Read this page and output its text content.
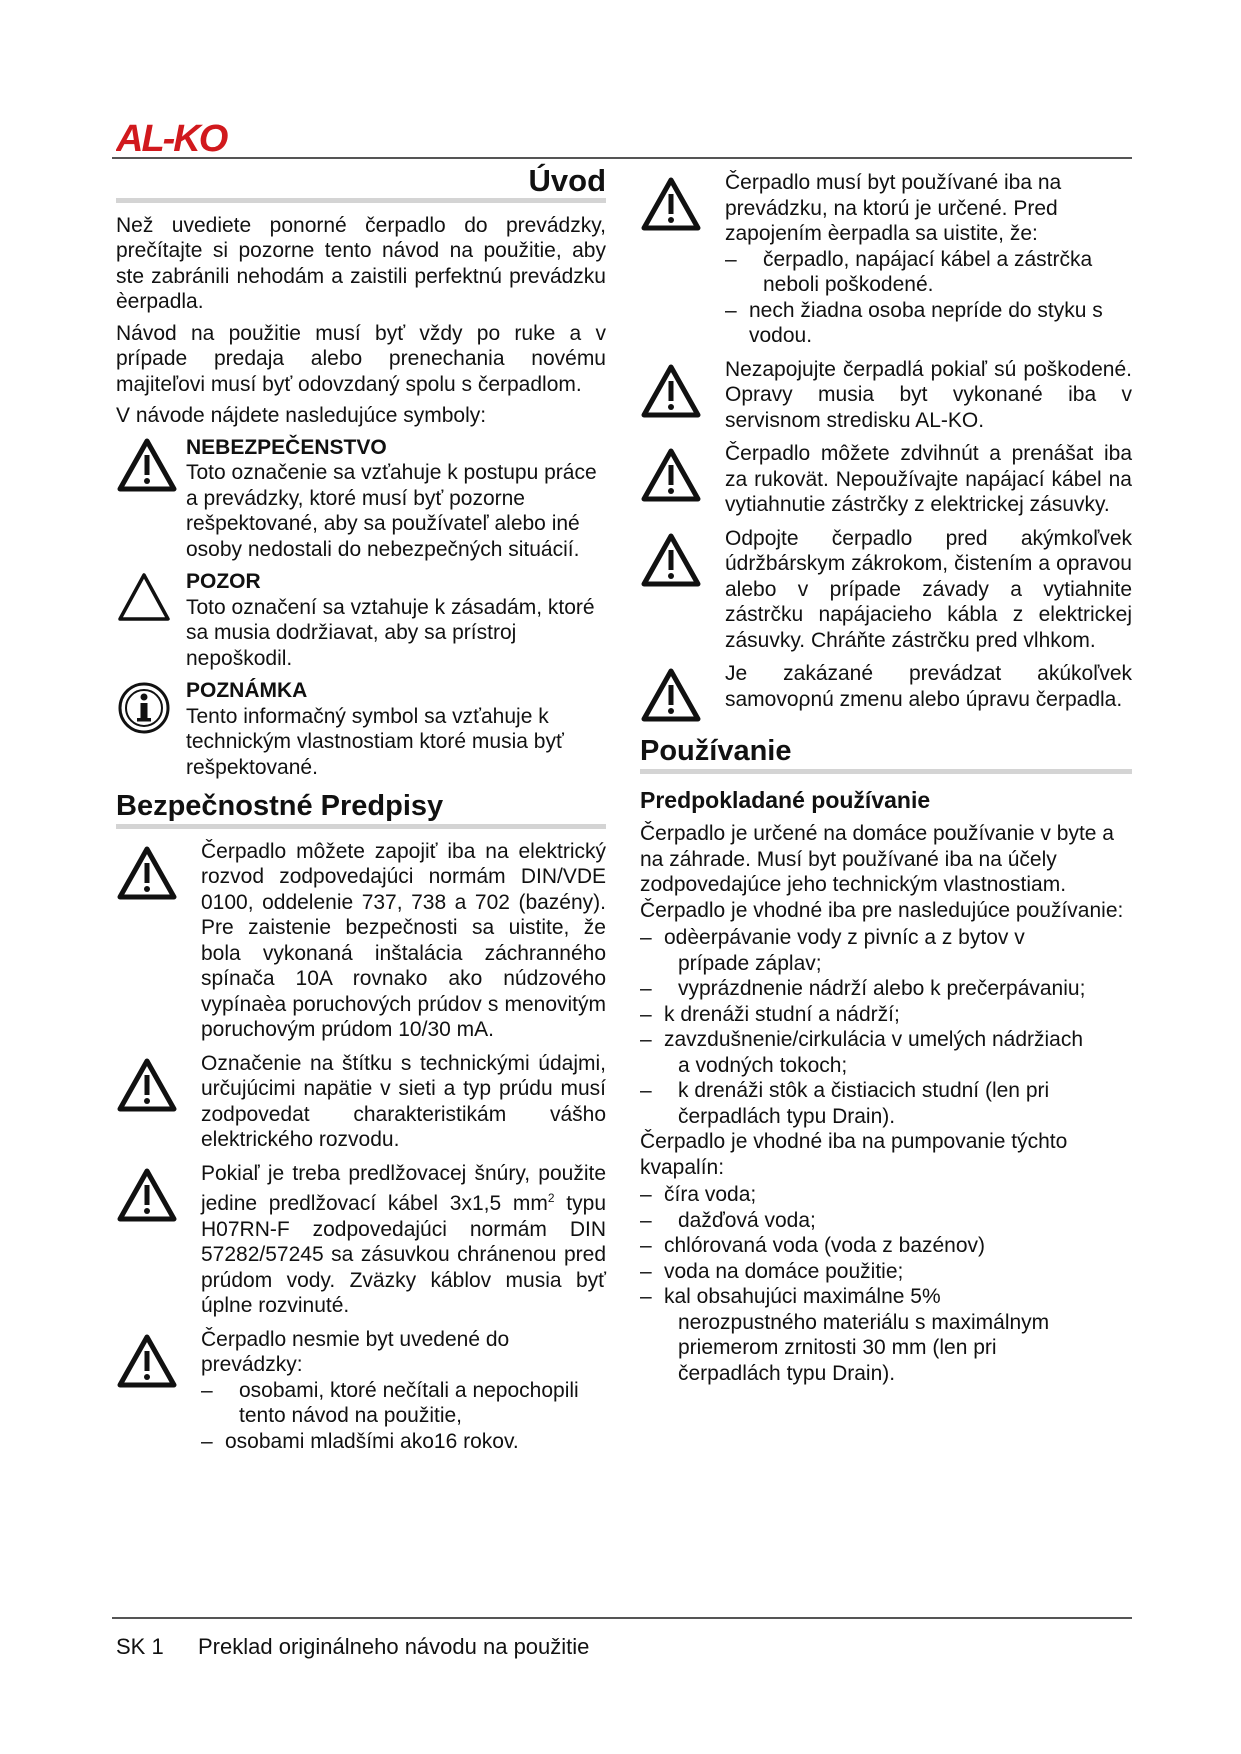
AL-KO
Úvod

Než uvediete ponorné čerpadlo do prevádzky, prečítajte si pozorne tento návod na použitie, aby ste zabránili nehodám a zaistili perfektnú prevádzku èerpadla.

Návod na použitie musí byť vždy po ruke a v prípade predaja alebo prenechania novému majiteľovi musí byť odovzdaný spolu s čerpadlom.

V návode nájdete nasledujúce symboly:

NEBEZPEČENSTVO
Toto označenie sa vzťahuje k postupu práce a prevádzky, ktoré musí byť pozorne rešpektované, aby sa používateľ alebo iné osoby nedostali do nebezpečných situácií.
POZOR
Toto označení sa vztahuje k zásadám, ktoré sa musia dodržiavat, aby sa prístroj nepoškodil.
POZNÁMKA
Tento informačný symbol sa vzťahuje k technickým vlastnostiam ktoré musia byť rešpektované.
Bezpečnostné Predpisy
Čerpadlo môžete zapojiť iba na elektrický rozvod zodpovedajúci normám DIN/VDE 0100, oddelenie 737, 738 a 702 (bazény). Pre zaistenie bezpečnosti sa uistite, že bola vykonaná inštalácia záchranného spínača 10A rovnako ako núdzového vypínaèa poruchových prúdov s menovitým poruchovým prúdom 10/30 mA.
Označenie na štítku s technickými údajmi, určujúcimi napätie v sieti a typ prúdu musí zodpovedat charakteristikám vášho elektrického rozvodu.
Pokiaľ je treba predlžovacej šnúry, použite jedine predlžovací kábel 3x1,5 $mm^2$ typu H07RN-F zodpovedajúci normám DIN 57282/57245 sa zásuvkou chránenou pred prúdom vody. Zväzky káblov musia byť úplne rozvinuté.
Čerpadlo nesmie byt uvedené do prevádzky:
–	osobami, ktoré nečítali a nepochopili tento návod na použitie,
– osobami mladšími ako16 rokov.
Čerpadlo musí byt používané iba na prevádzku, na ktorú je určené. Pred zapojením èerpadla sa uistite, že:
–	čerpadlo, napájací kábel a zástrčka neboli poškodené.
– nech žiadna osoba nepríde do styku s vodou.
Nezapojujte čerpadlá pokiaľ sú poškodené. Opravy musia byt vykonané iba v servisnom stredisku AL-KO.
Čerpadlo môžete zdvihnút a prenášat iba za rukovät. Nepoužívajte napájací kábel na vytiahnutie zástrčky z elektrickej zásuvky.
Odpojte čerpadlo pred akýmkoľvek údržbárskym zákrokom, čistením a opravou alebo v prípade závady a vytiahnite zástrčku napájacieho kábla z elektrickej zásuvky. Chráňte zástrčku pred vlhkom.
Je zakázané prevádzat akúkoľvek samovoρnú zmenu alebo úpravu čerpadla.
Používanie
Predpokladané používanie

Čerpadlo je určené na domáce používanie v byte a na záhrade. Musí byt používané iba na účely zodpovedajúce jeho technickým vlastnostiam. Čerpadlo je vhodné iba pre nasledujúce používanie:

– odèerpávanie vody z pivníc a z bytov v
prípade záplav;
–	vyprázdnenie nádrží alebo k prečerpávaniu;
– k drenáži studní a nádrží;
– zavzdušnenie/cirkulácia v umelých nádržiach
a vodných tokoch;
–	k drenáži stôk a čistiacich studní (len pri
čerpadlách typu Drain).

Čerpadlo je vhodné iba na pumpovanie týchto kvapalín:

– číra voda;
–	dažďová voda;
– chlórovaná voda (voda z bazénov)
– voda na domáce použitie;
– kal obsahujúci maximálne 5%
nerozpustného materiálu s maximálnym priemerom zrnitosti 30 mm (len pri čerpadlách typu Drain).
SK 1 Preklad originálneho návodu na použitie
